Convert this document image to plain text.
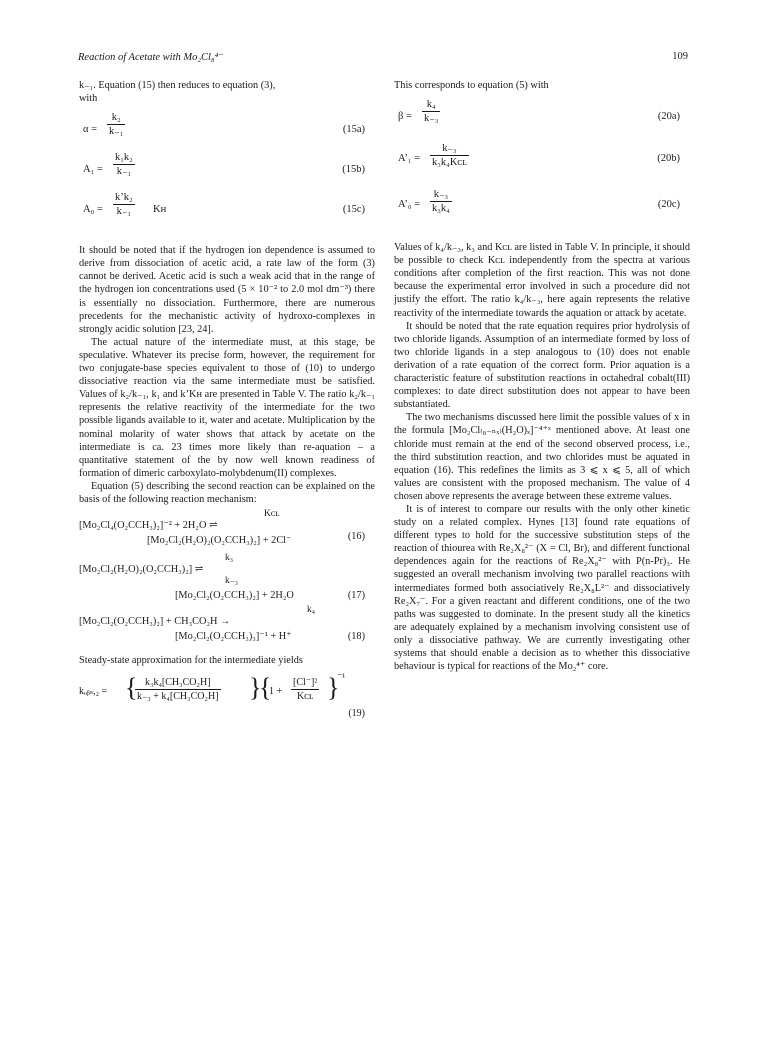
Reaction of Acetate with Mo₂Cl₈⁴⁻	109

k₋₁. Equation (15) then reduces to equation (3),

with

$\alpha = \frac{\text{k₂}}{\text{k₋₁}}$	(15a)
$A_1 = \frac{\text{k₁k₂}}{\text{k₋₁}}$	(15b)
$A_0 = \frac{\text{k’k₂}}{\text{k₋₁}}$ Kʜ	(15c)

It should be noted that if the hydrogen ion dependence is assumed to derive from dissociation of acetic acid, a rate law of the form (3) cannot be derived. Acetic acid is such a weak acid that in the range of the hydrogen ion concentrations used (5 × 10⁻² to 2.0 mol dm⁻³) there is essentially no dissociation. Furthermore, there are numerous precedents for the mechanistic activity of hydroxo-complexes in strongly acidic solution [23, 24].

The actual nature of the intermediate must, at this stage, be speculative. Whatever its precise form, however, the requirement for two conjugate-base species equivalent to those of (10) to undergo dissociative reaction via the same intermediate must be satisfied. Values of k₂/k₋₁, k₁ and k’Kʜ are presented in Table V. The ratio k₂/k₋₁ represents the relative reactivity of the intermediate for the two possible ligands available to it, water and acetate. Multiplication by the nominal molarity of water shows that attack by acetate on the intermediate is ca. 23 times more likely than re-aquation – a quantitative statement of the by now well known readiness of formation of dimeric carboxylato-molybdenum(II) complexes.

Equation (5) describing the second reaction can be explained on the basis of the following reaction mechanism:

Kᴄʟ
[Mo₂Cl₄(O₂CCH₃)₂]⁻² + 2H₂O ⇌
[Mo₂Cl₂(H₂O)₂(O₂CCH₃)₂] + 2Cl⁻	(16)
k₃
[Mo₂Cl₂(H₂O)₂(O₂CCH₃)₂] ⇌
k₋₃
[Mo₂Cl₂(O₂CCH₃)₂] + 2H₂O	(17)
k₄
[Mo₂Cl₂(O₂CCH₃)₂] + CH₃CO₂H →
[Mo₂Cl₂(O₂CCH₃)₃]⁻¹ + H⁺	(18)

Steady-state approximation for the intermediate yields

kₒᵦₛ,₂ = {
$\frac{\text{k₃k₄[CH₃CO₂H]}}{\text{k₋₃ + k₄[CH₃CO₂H]}}$ }
{
1 +
[Cl⁻]²
Kᴄʟ }
⁻¹
(19)

This corresponds to equation (5) with

$\beta = \frac{\text{k₄}}{\text{k₋₃}}$	(20a)
A’₁ =
k₋₃
k₃k₄Kᴄʟ	(20b)
A’₀ = $\frac{\text{k₋₃}}{\text{k₃k₄}}$	(20c)

Values of k₄/k₋₃, k₃ and Kᴄʟ are listed in Table V. In principle, it should be possible to check Kᴄʟ independently from the spectra at various conditions after completion of the first reaction. This was not done because the experimental error involved in such a procedure did not justify the effort. The ratio k₄/k₋₃, here again represents the relative reactivity of the intermediate towards the aquation or attack by acetate.

It should be noted that the rate equation requires prior hydrolysis of two chloride ligands. Assumption of an intermediate formed by loss of two chloride ligands in a step analogous to (10) does not enable derivation of a rate equation of the correct form. Prior aquation is a characteristic feature of substitution reactions in octahedral cobalt(III) complexes: to date direct substitution does not appear to have been substantiated.

The two mechanisms discussed here limit the possible values of x in the formula [Mo₂Cl₍₈₋ₙₓ₎(H₂O)ₓ]⁻⁴⁺ˣ mentioned above. At least one chloride must remain at the end of the second observed process, i.e., the third substitution reaction, and two chlorides must be aquated in equation (16). This redefines the limits as 3 ⩽ x ⩽ 5, all of which values are consistent with the proposed mechanism. The value of 4 chosen above represents the average between these extreme values.

It is of interest to compare our results with the only other kinetic study on a related complex. Hynes [13] found rate equations of different types to hold for the successive substitution steps of the reaction of thiourea with Re₂X₈²⁻ (X = Cl, Br), and different functional dependences again for the reactions of Re₂X₈²⁻ with P(n-Pr)₃. He suggested an overall mechanism involving two parallel reactions with intermediates formed both associatively Re₂X₈L²⁻ and dissociatively Re₂X₇⁻. For a given reactant and different conditions, one of the two paths was suggested to dominate. In the present study all the kinetics are adequately explained by a mechanism involving consistent use of only a dissociative pathway. We are currently investigating other systems that should enable a decision as to whether this dissociative behaviour is typical for reactions of the Mo₂⁴⁺ core.
